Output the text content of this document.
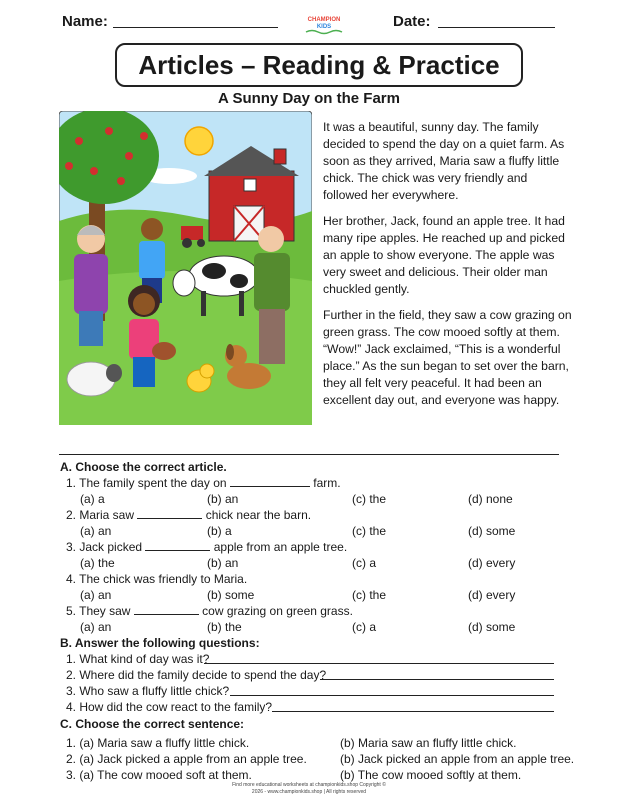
Name:	CHAMPION
KIDS	Date:
Articles – Reading & Practice
A Sunny Day on the Farm

It was a beautiful, sunny day. The family decided to spend the day on a quiet farm. As soon as they arrived, Maria saw a fluffy little chick. The chick was very friendly and followed her everywhere.

Her brother, Jack, found an apple tree. It had many ripe apples. He reached up and picked an apple to show everyone. The apple was very sweet and delicious. Their older man chuckled gently.

Further in the field, they saw a cow grazing on green grass. The cow mooed softly at them. “Wow!” Jack exclaimed, “This is a wonderful place.” As the sun began to set over the barn, they all felt very peaceful. It had been an excellent day out, and everyone was happy.

A. Choose the correct article.
1. The family spent the day on	farm.
(a) a	(b) an	(c) the	(d) none
2. Maria saw	chick near the barn.
(a) an	(b) a	(c) the	(d) some
3. Jack picked	apple from an apple tree.
(a) the	(b) an	(c) a	(d) every
4. The chick was friendly to Maria.
(a) an	(b) some	(c) the	(d) every
5. They saw	cow grazing on green grass.
(a) an	(b) the	(c) a	(d) some
B. Answer the following questions:
1. What kind of day was it?
2. Where did the family decide to spend the day?
3. Who saw a fluffy little chick?
4. How did the cow react to the family?
C. Choose the correct sentence:
1. (a) Maria saw a fluffy little chick.	(b) Maria saw an fluffy little chick.
2. (a) Jack picked a apple from an apple tree.	(b) Jack picked an apple from an apple tree.
3. (a) The cow mooed soft at them.	(b) The cow mooed softly at them.
Find more educational worksheets at championkids.shop Copyright ©
2026 - www.championkids.shop | All rights reserved
